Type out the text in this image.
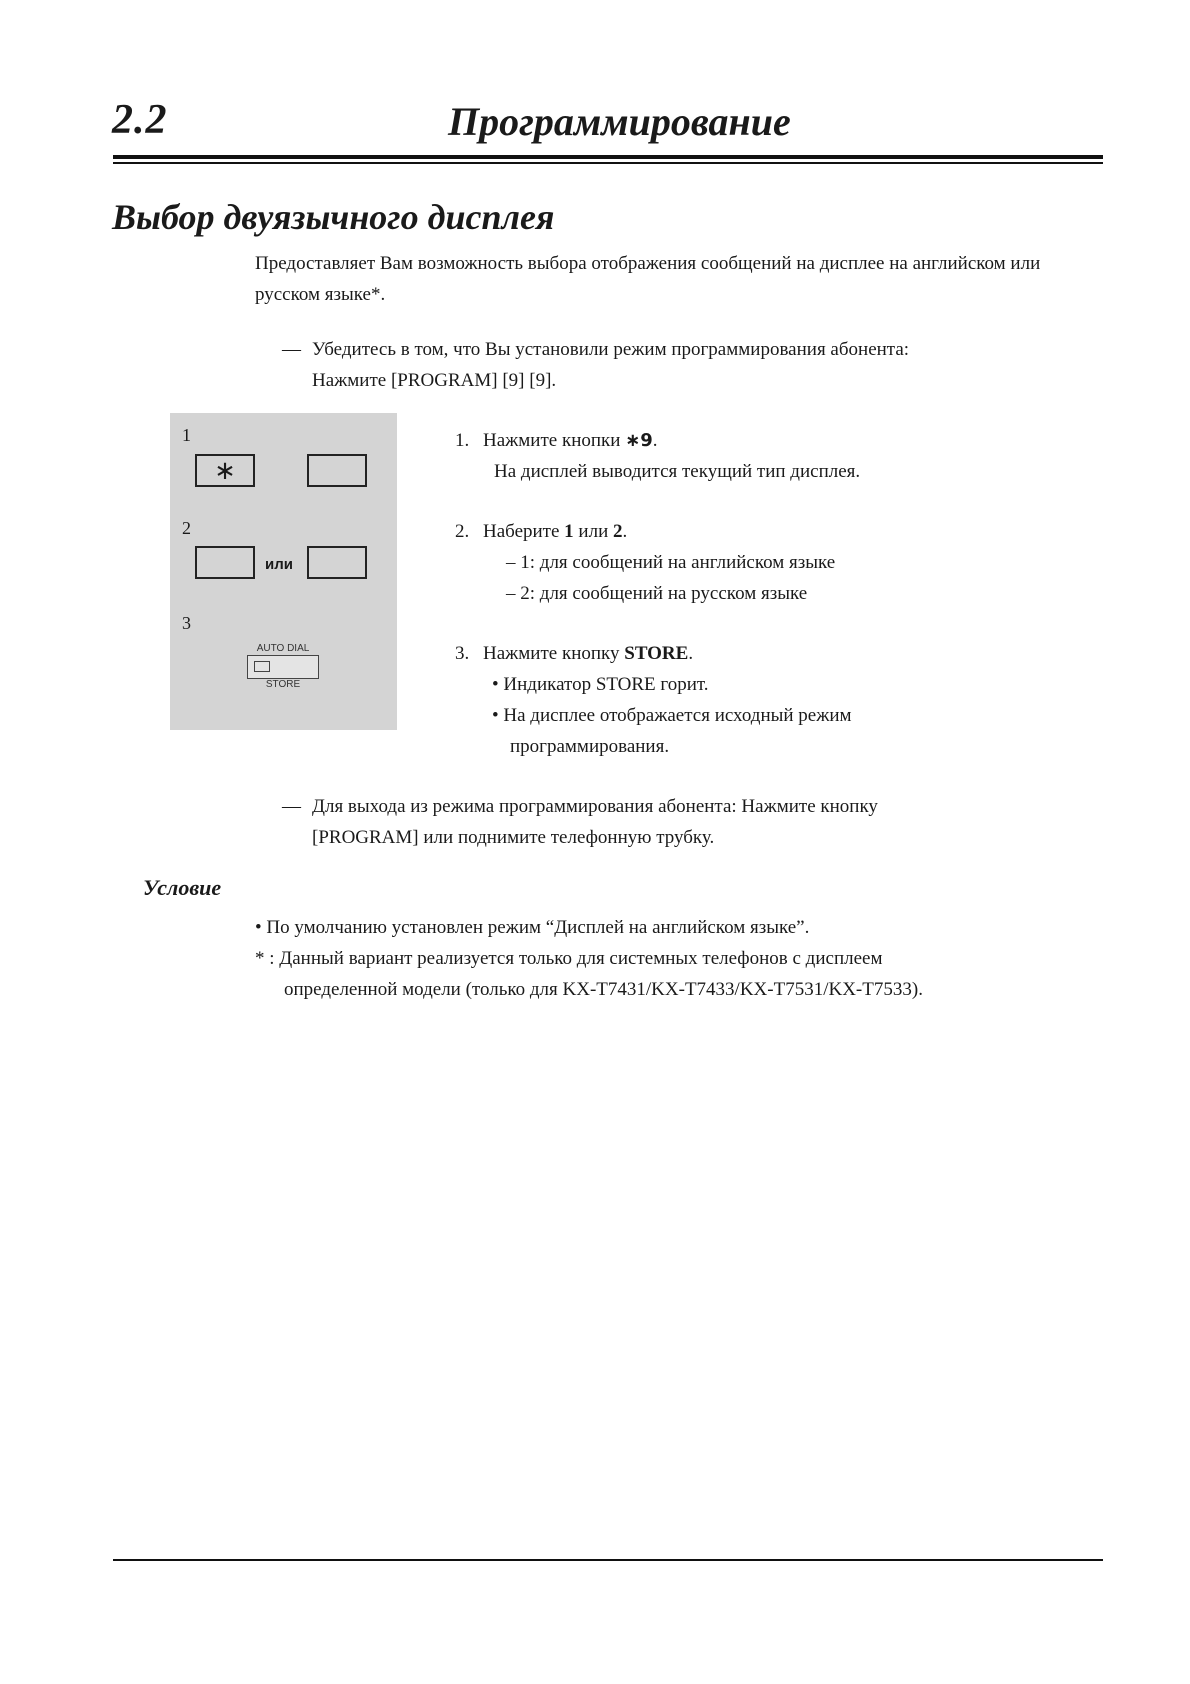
2.2	Программирование
Выбор двуязычного дисплея
Предоставляет Вам возможность выбора отображения сообщений на дисплее на английском или русском языке*.
— Убедитесь в том, что Вы установили режим программирования абонента:
Нажмите [PROGRAM] [9] [9].
1
∗
2
или
3
AUTO DIAL
STORE
1. Нажмите кнопки ∗9.
На дисплей выводится текущий тип дисплея.
2. Наберите 1 или 2.
– 1: для сообщений на английском языке
– 2: для сообщений на русском языке
3. Нажмите кнопку STORE.
• Индикатор STORE горит.
• На дисплее отображается исходный режим
программирования.
— Для выхода из режима программирования абонента: Нажмите кнопку
[PROGRAM] или поднимите телефонную трубку.
Условие
• По умолчанию установлен режим “Дисплей на английском языке”.
* : Данный вариант реализуется только для системных телефонов с дисплеем
определенной модели (только для KX-T7431/KX-T7433/KX-T7531/KX-T7533).
